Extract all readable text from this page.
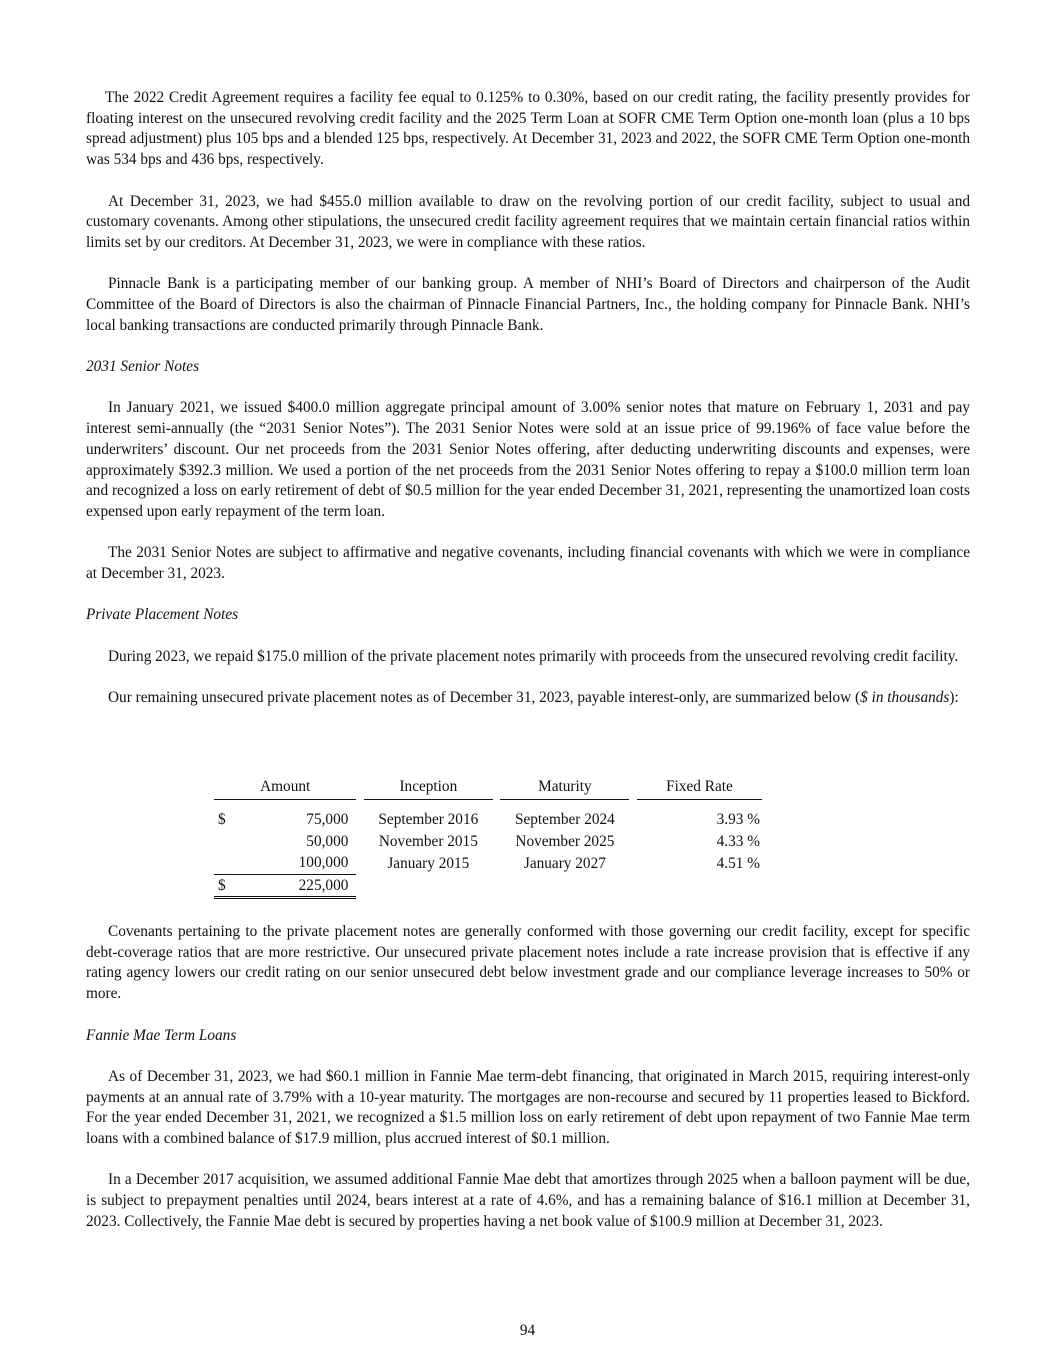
The 2022 Credit Agreement requires a facility fee equal to 0.125% to 0.30%, based on our credit rating, the facility presently provides for floating interest on the unsecured revolving credit facility and the 2025 Term Loan at SOFR CME Term Option one-month loan (plus a 10 bps spread adjustment) plus 105 bps and a blended 125 bps, respectively. At December 31, 2023 and 2022, the SOFR CME Term Option one-month was 534 bps and 436 bps, respectively.

At December 31, 2023, we had $455.0 million available to draw on the revolving portion of our credit facility, subject to usual and customary covenants. Among other stipulations, the unsecured credit facility agreement requires that we maintain certain financial ratios within limits set by our creditors. At December 31, 2023, we were in compliance with these ratios.

Pinnacle Bank is a participating member of our banking group. A member of NHI’s Board of Directors and chairperson of the Audit Committee of the Board of Directors is also the chairman of Pinnacle Financial Partners, Inc., the holding company for Pinnacle Bank. NHI’s local banking transactions are conducted primarily through Pinnacle Bank.

2031 Senior Notes

In January 2021, we issued $400.0 million aggregate principal amount of 3.00% senior notes that mature on February 1, 2031 and pay interest semi-annually (the “2031 Senior Notes”). The 2031 Senior Notes were sold at an issue price of 99.196% of face value before the underwriters’ discount. Our net proceeds from the 2031 Senior Notes offering, after deducting underwriting discounts and expenses, were approximately $392.3 million. We used a portion of the net proceeds from the 2031 Senior Notes offering to repay a $100.0 million term loan and recognized a loss on early retirement of debt of $0.5 million for the year ended December 31, 2021, representing the unamortized loan costs expensed upon early repayment of the term loan.

The 2031 Senior Notes are subject to affirmative and negative covenants, including financial covenants with which we were in compliance at December 31, 2023.

Private Placement Notes

During 2023, we repaid $175.0 million of the private placement notes primarily with proceeds from the unsecured revolving credit facility.

Our remaining unsecured private placement notes as of December 31, 2023, payable interest-only, are summarized below ($ in thousands):

Amount			Inception		Maturity		Fixed Rate

$	75,000		September 2016		September 2024		3.93 %
	50,000		November 2015		November 2025		4.33 %
	100,000		January 2015		January 2027		4.51 %
$	225,000						

Covenants pertaining to the private placement notes are generally conformed with those governing our credit facility, except for specific debt-coverage ratios that are more restrictive. Our unsecured private placement notes include a rate increase provision that is effective if any rating agency lowers our credit rating on our senior unsecured debt below investment grade and our compliance leverage increases to 50% or more.

Fannie Mae Term Loans

As of December 31, 2023, we had $60.1 million in Fannie Mae term-debt financing, that originated in March 2015, requiring interest-only payments at an annual rate of 3.79% with a 10-year maturity. The mortgages are non-recourse and secured by 11 properties leased to Bickford. For the year ended December 31, 2021, we recognized a $1.5 million loss on early retirement of debt upon repayment of two Fannie Mae term loans with a combined balance of $17.9 million, plus accrued interest of $0.1 million.

In a December 2017 acquisition, we assumed additional Fannie Mae debt that amortizes through 2025 when a balloon payment will be due, is subject to prepayment penalties until 2024, bears interest at a rate of 4.6%, and has a remaining balance of $16.1 million at December 31, 2023. Collectively, the Fannie Mae debt is secured by properties having a net book value of $100.9 million at December 31, 2023.

94
